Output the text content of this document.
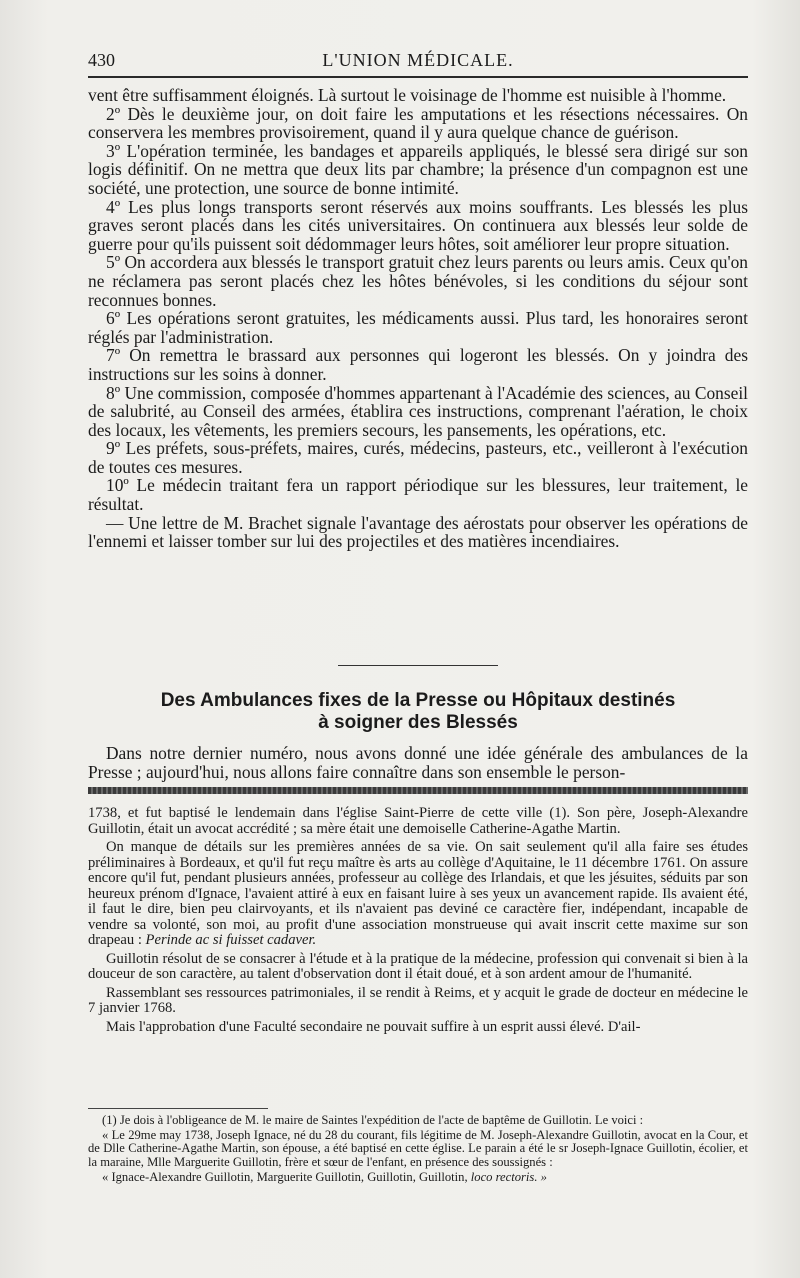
430	L'UNION MÉDICALE.

vent être suffisamment éloignés. Là surtout le voisinage de l'homme est nuisible à l'homme.

2º Dès le deuxième jour, on doit faire les amputations et les résections nécessaires. On conservera les membres provisoirement, quand il y aura quelque chance de guérison.

3º L'opération terminée, les bandages et appareils appliqués, le blessé sera dirigé sur son logis définitif. On ne mettra que deux lits par chambre; la présence d'un compagnon est une société, une protection, une source de bonne intimité.

4º Les plus longs transports seront réservés aux moins souffrants. Les blessés les plus graves seront placés dans les cités universitaires. On continuera aux blessés leur solde de guerre pour qu'ils puissent soit dédommager leurs hôtes, soit améliorer leur propre situation.

5º On accordera aux blessés le transport gratuit chez leurs parents ou leurs amis. Ceux qu'on ne réclamera pas seront placés chez les hôtes bénévoles, si les conditions du séjour sont reconnues bonnes.

6º Les opérations seront gratuites, les médicaments aussi. Plus tard, les honoraires seront réglés par l'administration.

7º On remettra le brassard aux personnes qui logeront les blessés. On y joindra des instructions sur les soins à donner.

8º Une commission, composée d'hommes appartenant à l'Académie des sciences, au Conseil de salubrité, au Conseil des armées, établira ces instructions, comprenant l'aération, le choix des locaux, les vêtements, les premiers secours, les pansements, les opérations, etc.

9º Les préfets, sous-préfets, maires, curés, médecins, pasteurs, etc., veilleront à l'exécution de toutes ces mesures.

10º Le médecin traitant fera un rapport périodique sur les blessures, leur traitement, le résultat.

— Une lettre de M. Brachet signale l'avantage des aérostats pour observer les opérations de l'ennemi et laisser tomber sur lui des projectiles et des matières incendiaires.

Des Ambulances fixes de la Presse ou Hôpitaux destinés
à soigner des Blessés

Dans notre dernier numéro, nous avons donné une idée générale des ambulances de la Presse ; aujourd'hui, nous allons faire connaître dans son ensemble le person-

1738, et fut baptisé le lendemain dans l'église Saint-Pierre de cette ville (1). Son père, Joseph-Alexandre Guillotin, était un avocat accrédité ; sa mère était une demoiselle Catherine-Agathe Martin.

On manque de détails sur les premières années de sa vie. On sait seulement qu'il alla faire ses études préliminaires à Bordeaux, et qu'il fut reçu maître ès arts au collège d'Aquitaine, le 11 décembre 1761. On assure encore qu'il fut, pendant plusieurs années, professeur au collège des Irlandais, et que les jésuites, séduits par son heureux prénom d'Ignace, l'avaient attiré à eux en faisant luire à ses yeux un avancement rapide. Ils avaient été, il faut le dire, bien peu clairvoyants, et ils n'avaient pas deviné ce caractère fier, indépendant, incapable de vendre sa volonté, son moi, au profit d'une association monstrueuse qui avait inscrit cette maxime sur son drapeau : Perinde ac si fuisset cadaver.

Guillotin résolut de se consacrer à l'étude et à la pratique de la médecine, profession qui convenait si bien à la douceur de son caractère, au talent d'observation dont il était doué, et à son ardent amour de l'humanité.

Rassemblant ses ressources patrimoniales, il se rendit à Reims, et y acquit le grade de docteur en médecine le 7 janvier 1768.

Mais l'approbation d'une Faculté secondaire ne pouvait suffire à un esprit aussi élevé. D'ail-

(1) Je dois à l'obligeance de M. le maire de Saintes l'expédition de l'acte de baptême de Guillotin. Le voici :

« Le 29me may 1738, Joseph Ignace, né du 28 du courant, fils légitime de M. Joseph-Alexandre Guillotin, avocat en la Cour, et de Dlle Catherine-Agathe Martin, son épouse, a été baptisé en cette église. Le parain a été le sr Joseph-Ignace Guillotin, écolier, et la maraine, Mlle Marguerite Guillotin, frère et sœur de l'enfant, en présence des soussignés :

« Ignace-Alexandre Guillotin, Marguerite Guillotin, Guillotin, Guillotin, loco rectoris. »
